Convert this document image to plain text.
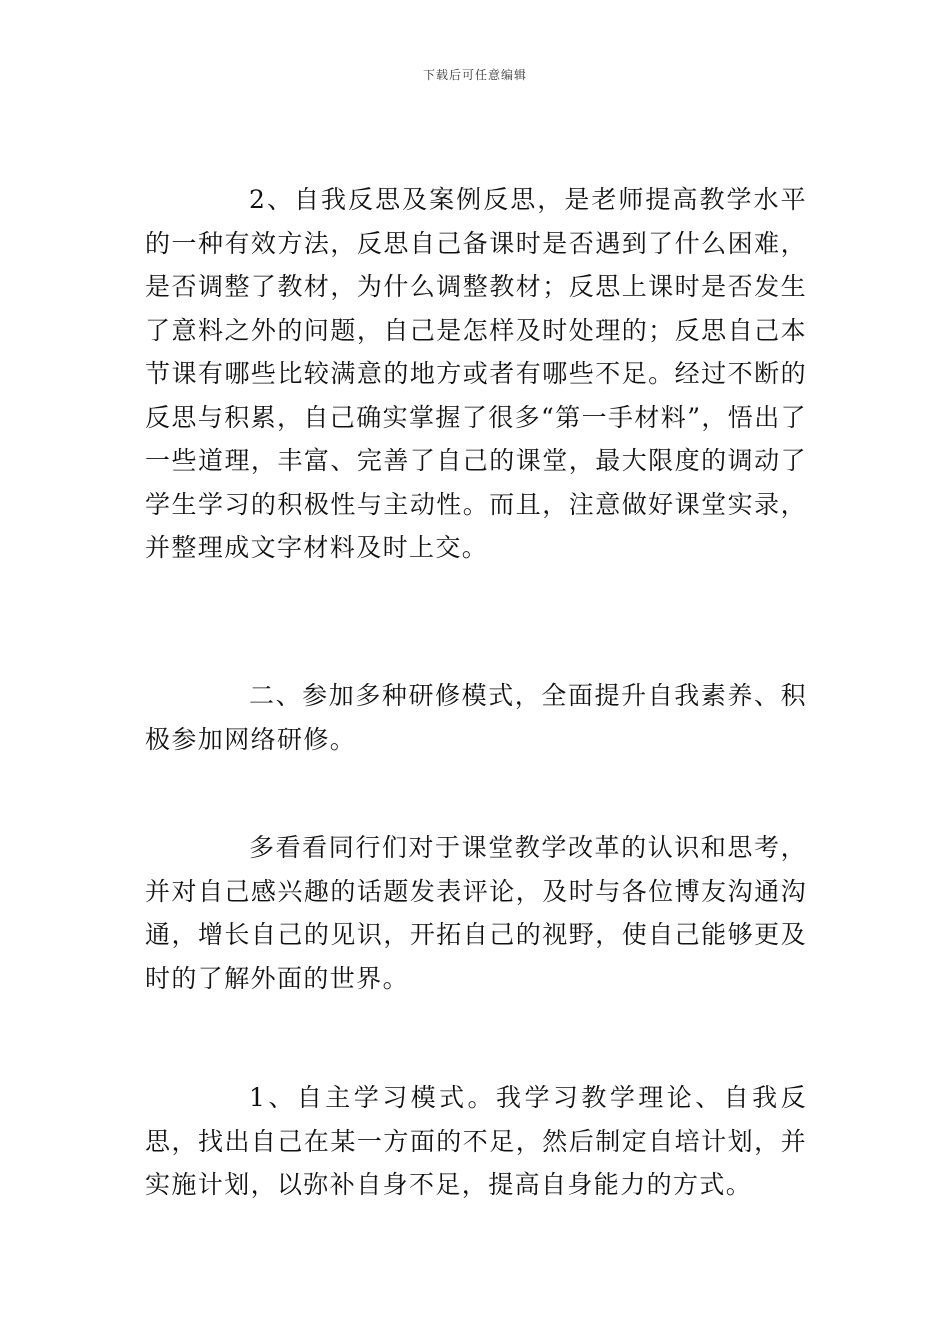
下载后可任意编辑

2、自我反思及案例反思，是老师提高教学水平的一种有效方法，反思自己备课时是否遇到了什么困难，是否调整了教材，为什么调整教材；反思上课时是否发生了意料之外的问题，自己是怎样及时处理的；反思自己本节课有哪些比较满意的地方或者有哪些不足。经过不断的反思与积累，自己确实掌握了很多“第一手材料”，悟出了一些道理，丰富、完善了自己的课堂，最大限度的调动了学生学习的积极性与主动性。而且，注意做好课堂实录，并整理成文字材料及时上交。

二、参加多种研修模式，全面提升自我素养、积极参加网络研修。

多看看同行们对于课堂教学改革的认识和思考，并对自己感兴趣的话题发表评论，及时与各位博友沟通沟通，增长自己的见识，开拓自己的视野，使自己能够更及时的了解外面的世界。

1、自主学习模式。我学习教学理论、自我反思，找出自己在某一方面的不足，然后制定自培计划，并实施计划，以弥补自身不足，提高自身能力的方式。
